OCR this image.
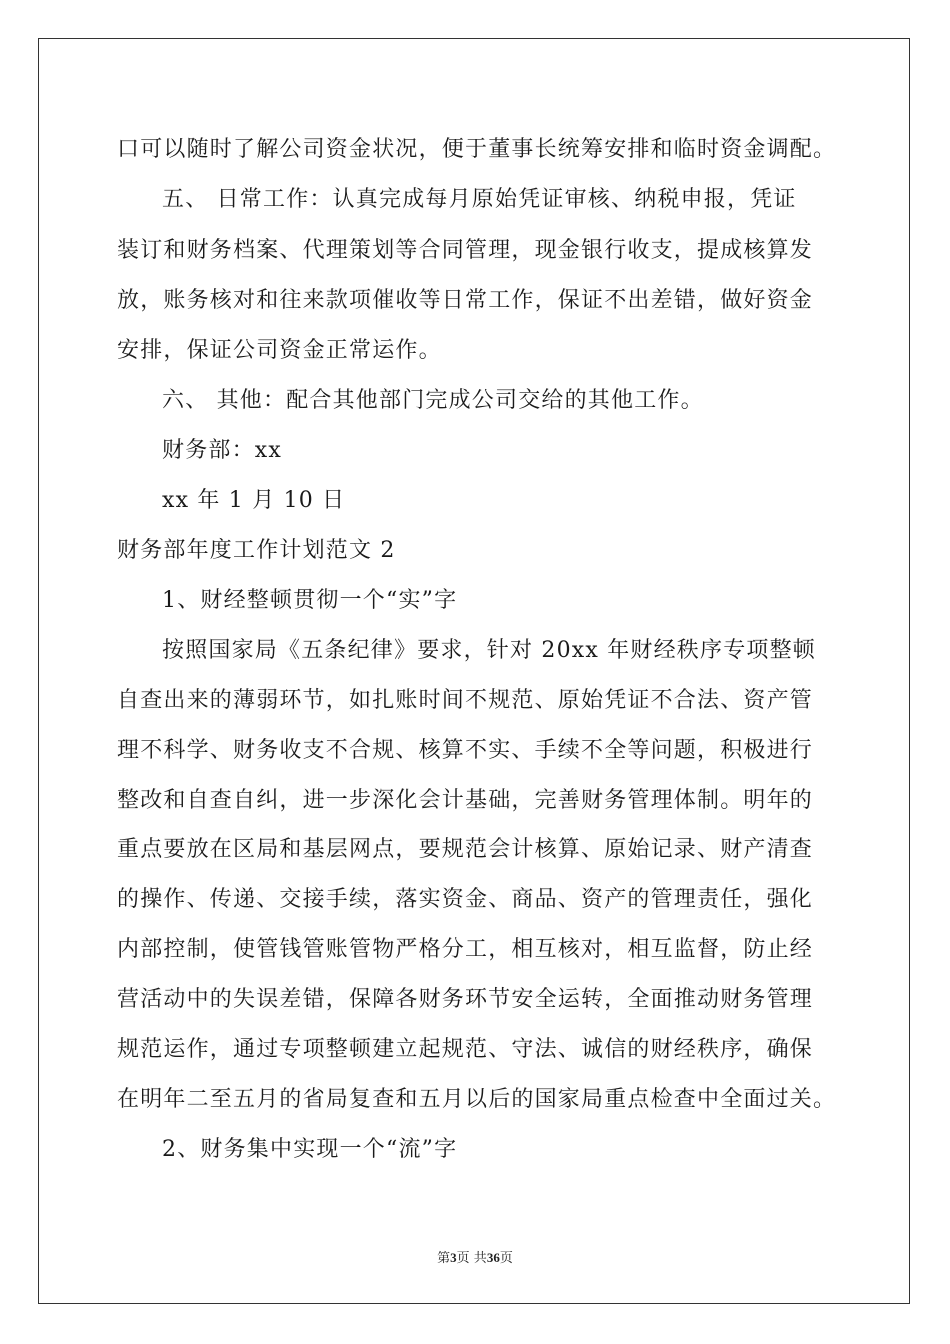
口可以随时了解公司资金状况，便于董事长统筹安排和临时资金调配。
五、 日常工作：认真完成每月原始凭证审核、纳税申报，凭证
装订和财务档案、代理策划等合同管理，现金银行收支，提成核算发
放，账务核对和往来款项催收等日常工作，保证不出差错，做好资金
安排，保证公司资金正常运作。
六、 其他：配合其他部门完成公司交给的其他工作。
财务部：xx
xx 年 1 月 10 日
财务部年度工作计划范文 2
1、财经整顿贯彻一个“实”字
按照国家局《五条纪律》要求，针对 20xx 年财经秩序专项整顿
自查出来的薄弱环节，如扎账时间不规范、原始凭证不合法、资产管
理不科学、财务收支不合规、核算不实、手续不全等问题，积极进行
整改和自查自纠，进一步深化会计基础，完善财务管理体制。明年的
重点要放在区局和基层网点，要规范会计核算、原始记录、财产清查
的操作、传递、交接手续，落实资金、商品、资产的管理责任，强化
内部控制，使管钱管账管物严格分工，相互核对，相互监督，防止经
营活动中的失误差错，保障各财务环节安全运转，全面推动财务管理
规范运作，通过专项整顿建立起规范、守法、诚信的财经秩序，确保
在明年二至五月的省局复查和五月以后的国家局重点检查中全面过关。
2、财务集中实现一个“流”字
第3页 共36页
